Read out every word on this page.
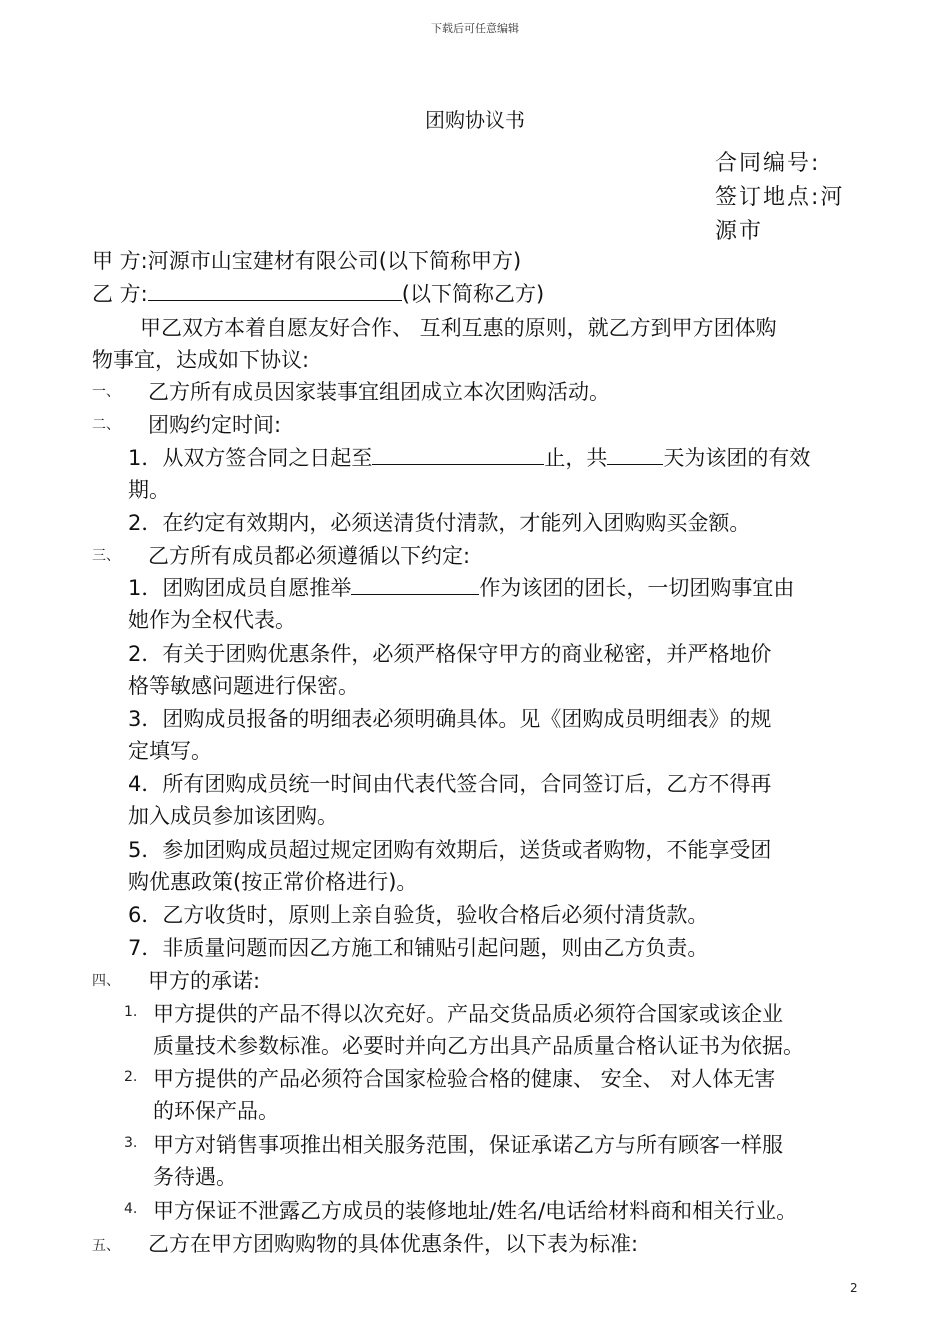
下载后可任意编辑
团购协议书
合同编号:
签订地点:河
源市
甲 方:河源市山宝建材有限公司(以下简称甲方)
乙 方:	(以下简称乙方)
甲乙双方本着自愿友好合作、 互利互惠的原则，就乙方到甲方团体购
物事宜，达成如下协议:
一、 乙方所有成员因家装事宜组团成立本次团购活动。
二、 团购约定时间:
1．从双方签合同之日起至	止，共	天为该团的有效
期。
2．在约定有效期内，必须送清货付清款，才能列入团购购买金额。
三、 乙方所有成员都必须遵循以下约定:
1．团购团成员自愿推举	作为该团的团长，一切团购事宜由
她作为全权代表。
2．有关于团购优惠条件，必须严格保守甲方的商业秘密，并严格地价
格等敏感问题进行保密。
3．团购成员报备的明细表必须明确具体。见《团购成员明细表》的规
定填写。
4．所有团购成员统一时间由代表代签合同，合同签订后，乙方不得再
加入成员参加该团购。
5．参加团购成员超过规定团购有效期后，送货或者购物，不能享受团
购优惠政策(按正常价格进行)。
6．乙方收货时，原则上亲自验货，验收合格后必须付清货款。
7．非质量问题而因乙方施工和铺贴引起问题，则由乙方负责。
四、 甲方的承诺:
1. 甲方提供的产品不得以次充好。产品交货品质必须符合国家或该企业
质量技术参数标准。必要时并向乙方出具产品质量合格认证书为依据。
2. 甲方提供的产品必须符合国家检验合格的健康、 安全、 对人体无害
的环保产品。
3. 甲方对销售事项推出相关服务范围，保证承诺乙方与所有顾客一样服
务待遇。
4. 甲方保证不泄露乙方成员的装修地址/姓名/电话给材料商和相关行业。
五、 乙方在甲方团购购物的具体优惠条件，以下表为标准:
2
